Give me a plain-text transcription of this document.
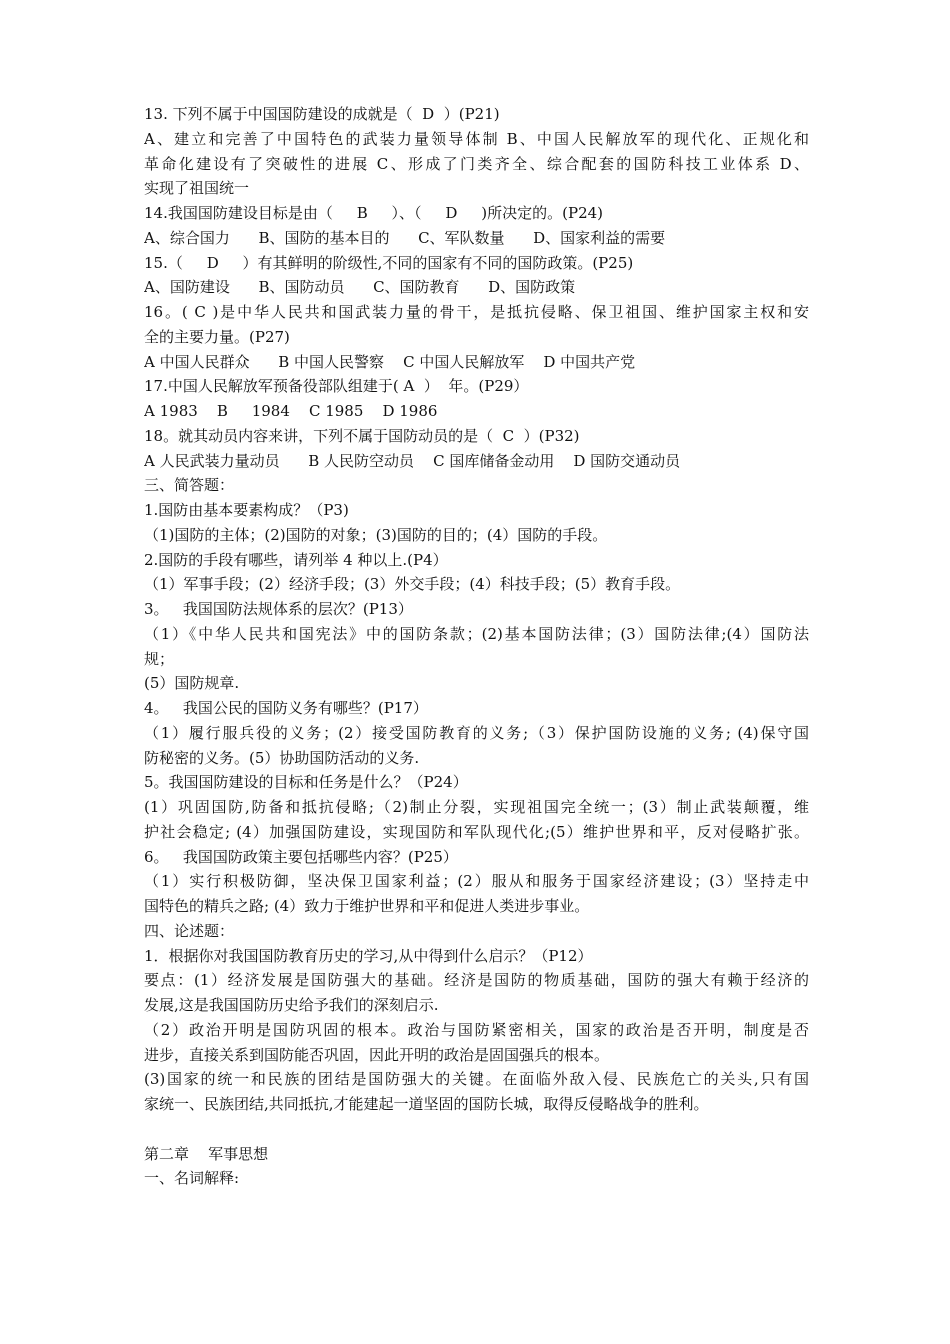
13. 下列不属于中国国防建设的成就是（  D  ）(P21)
A、建立和完善了中国特色的武装力量领导体制 B、中国人民解放军的现代化、正规化和
革命化建设有了突破性的进展 C、形成了门类齐全、综合配套的国防科技工业体系 D、
实现了祖国统一
14.我国国防建设目标是由（     B     ）、（     D     )所决定的。(P24)
A、综合国力      B、国防的基本目的      C、军队数量      D、国家利益的需要
15.（     D     ）有其鲜明的阶级性,不同的国家有不同的国防政策。(P25)
A、国防建设      B、国防动员      C、国防教育      D、国防政策
16。( C )是中华人民共和国武装力量的骨干，是抵抗侵略、保卫祖国、维护国家主权和安
全的主要力量。(P27)
A 中国人民群众      B 中国人民警察    C 中国人民解放军    D 中国共产党
17.中国人民解放军预备役部队组建于( A  ）  年。(P29）
A 1983    B     1984    C 1985    D 1986
18。就其动员内容来讲，下列不属于国防动员的是（  C  ）(P32)
A 人民武装力量动员      B 人民防空动员    C 国库储备金动用    D 国防交通动员
三、简答题：
1.国防由基本要素构成？（P3)
（1)国防的主体；(2)国防的对象；(3)国防的目的；(4）国防的手段。
2.国防的手段有哪些，请列举 4 种以上.(P4）
（1）军事手段；(2）经济手段；(3）外交手段；(4）科技手段；(5）教育手段。
3。   我国国防法规体系的层次？(P13）
（1）《中华人民共和国宪法》中的国防条款；(2)基本国防法律；(3）国防法律;(4）国防法
规；
(5）国防规章.
4。   我国公民的国防义务有哪些？(P17）
（1）履行服兵役的义务；(2）接受国防教育的义务;（3）保护国防设施的义务; (4)保守国
防秘密的义务。(5）协助国防活动的义务.
5。我国国防建设的目标和任务是什么？（P24）
(1）巩固国防,防备和抵抗侵略;（2)制止分裂，实现祖国完全统一；(3）制止武装颠覆，维
护社会稳定; (4）加强国防建设，实现国防和军队现代化;(5）维护世界和平，反对侵略扩张。
6。   我国国防政策主要包括哪些内容？(P25）
（1）实行积极防御，坚决保卫国家利益；(2）服从和服务于国家经济建设；(3）坚持走中
国特色的精兵之路; (4）致力于维护世界和平和促进人类进步事业。
四、论述题：
1．根据你对我国国防教育历史的学习,从中得到什么启示？（P12）
要点：(1）经济发展是国防强大的基础。经济是国防的物质基础，国防的强大有赖于经济的
发展,这是我国国防历史给予我们的深刻启示.
（2）政治开明是国防巩固的根本。政治与国防紧密相关，国家的政治是否开明，制度是否
进步，直接关系到国防能否巩固，因此开明的政治是固国强兵的根本。
(3)国家的统一和民族的团结是国防强大的关键。在面临外敌入侵、民族危亡的关头,只有国
家统一、民族团结,共同抵抗,才能建起一道坚固的国防长城，取得反侵略战争的胜利。
第二章    军事思想
一、名词解释:
